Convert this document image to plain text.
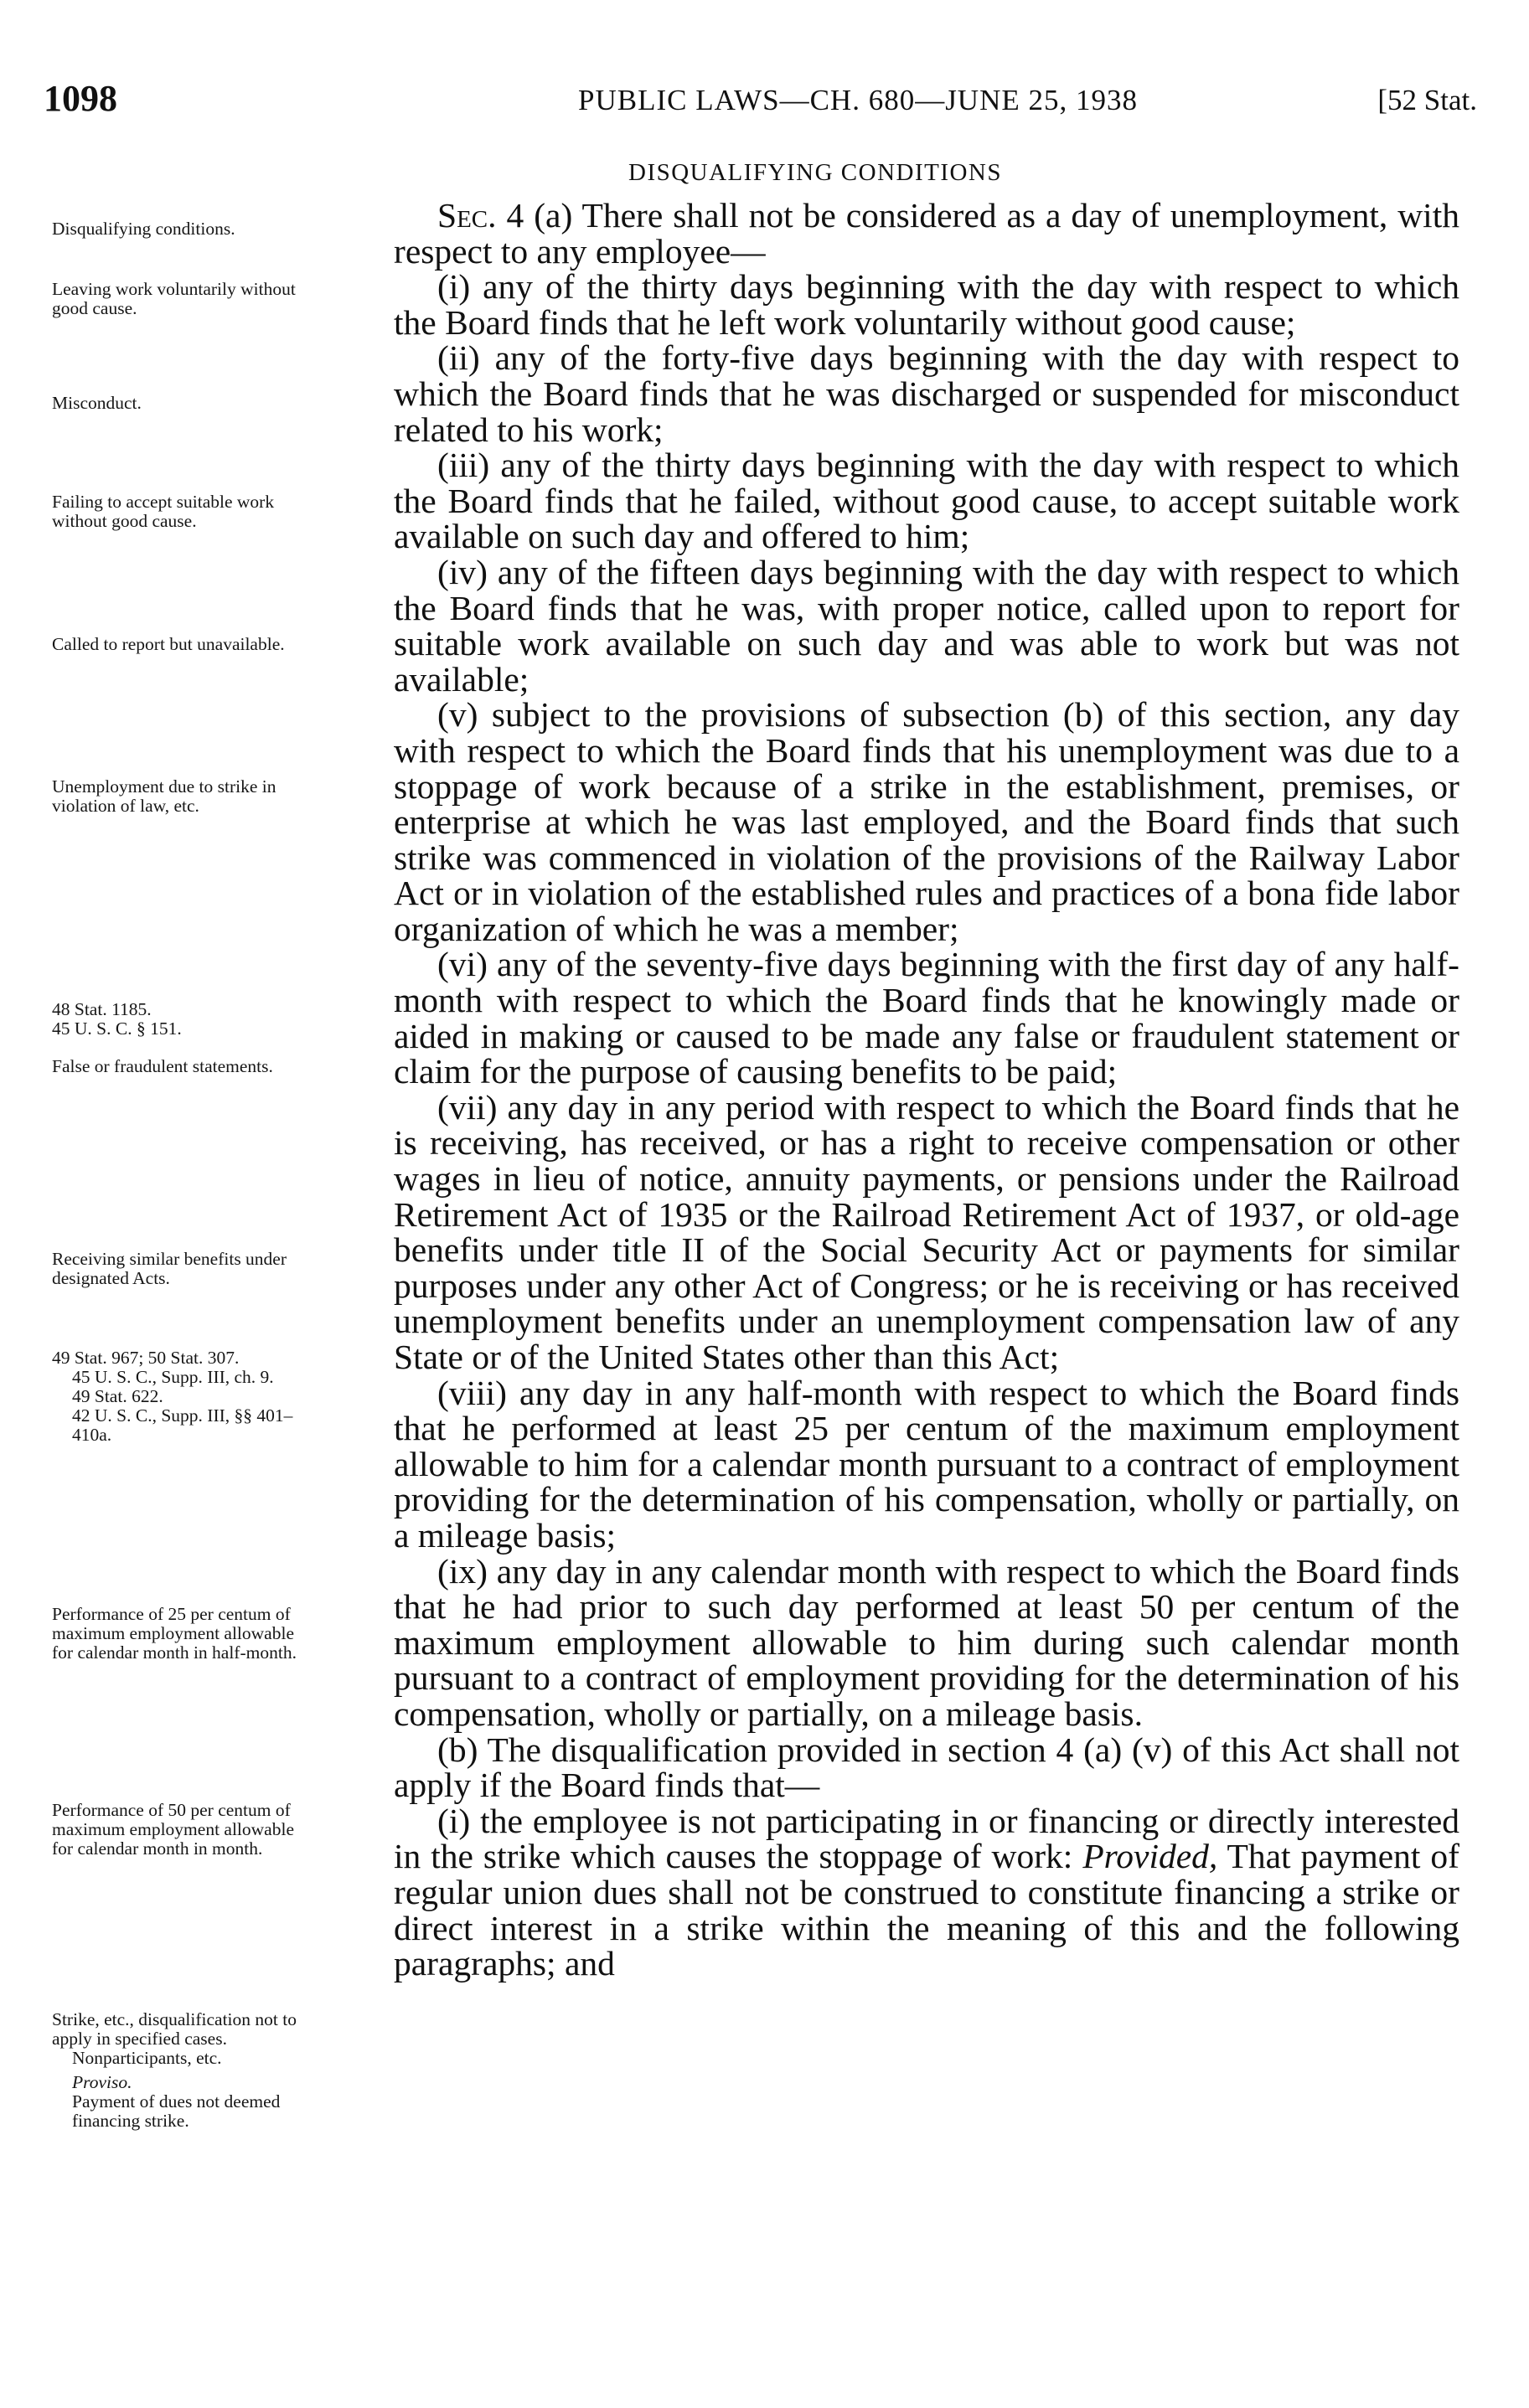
1098	PUBLIC LAWS—CH. 680—JUNE 25, 1938	[52 Stat.
DISQUALIFYING CONDITIONS
Disqualifying conditions.
Leaving work voluntarily without good cause.
Misconduct.
Failing to accept suitable work without good cause.
Called to report but unavailable.
Unemployment due to strike in violation of law, etc.
48 Stat. 1185.
45 U. S. C. § 151.
False or fraudulent statements.
Receiving similar benefits under designated Acts.
49 Stat. 967; 50 Stat. 307.
45 U. S. C., Supp. III, ch. 9.
49 Stat. 622.
42 U. S. C., Supp. III, §§ 401–410a.
Performance of 25 per centum of maximum employment allowable for calendar month in half-month.
Performance of 50 per centum of maximum employment allowable for calendar month in month.
Strike, etc., disqualification not to apply in specified cases.
Nonparticipants, etc.
Proviso.
Payment of dues not deemed financing strike.

Sec. 4 (a) There shall not be considered as a day of unemployment, with respect to any employee—

(i) any of the thirty days beginning with the day with respect to which the Board finds that he left work voluntarily without good cause;

(ii) any of the forty-five days beginning with the day with respect to which the Board finds that he was discharged or suspended for misconduct related to his work;

(iii) any of the thirty days beginning with the day with respect to which the Board finds that he failed, without good cause, to accept suitable work available on such day and offered to him;

(iv) any of the fifteen days beginning with the day with respect to which the Board finds that he was, with proper notice, called upon to report for suitable work available on such day and was able to work but was not available;

(v) subject to the provisions of subsection (b) of this section, any day with respect to which the Board finds that his unemployment was due to a stoppage of work because of a strike in the establishment, premises, or enterprise at which he was last employed, and the Board finds that such strike was commenced in violation of the provisions of the Railway Labor Act or in violation of the established rules and practices of a bona fide labor organization of which he was a member;

(vi) any of the seventy-five days beginning with the first day of any half-month with respect to which the Board finds that he knowingly made or aided in making or caused to be made any false or fraudulent statement or claim for the purpose of causing benefits to be paid;

(vii) any day in any period with respect to which the Board finds that he is receiving, has received, or has a right to receive compensation or other wages in lieu of notice, annuity payments, or pensions under the Railroad Retirement Act of 1935 or the Railroad Retirement Act of 1937, or old-age benefits under title II of the Social Security Act or payments for similar purposes under any other Act of Congress; or he is receiving or has received unemployment benefits under an unemployment compensation law of any State or of the United States other than this Act;

(viii) any day in any half-month with respect to which the Board finds that he performed at least 25 per centum of the maximum employment allowable to him for a calendar month pursuant to a contract of employment providing for the determination of his compensation, wholly or partially, on a mileage basis;

(ix) any day in any calendar month with respect to which the Board finds that he had prior to such day performed at least 50 per centum of the maximum employment allowable to him during such calendar month pursuant to a contract of employment providing for the determination of his compensation, wholly or partially, on a mileage basis.

(b) The disqualification provided in section 4 (a) (v) of this Act shall not apply if the Board finds that—

(i) the employee is not participating in or financing or directly interested in the strike which causes the stoppage of work: Provided, That payment of regular union dues shall not be construed to constitute financing a strike or direct interest in a strike within the meaning of this and the following paragraphs; and
